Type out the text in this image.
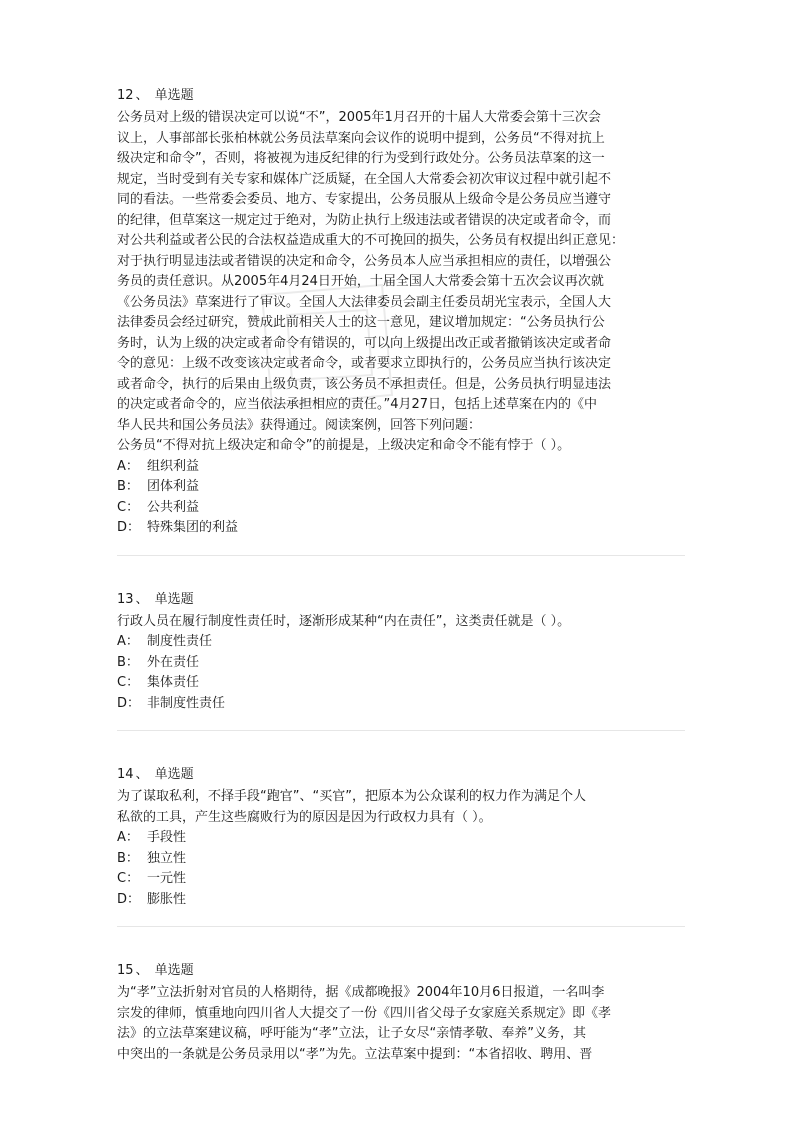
12 、 单选题
公务员对上级的错误决定可以说“不”，2005年1月召开的十届人大常委会第十三次会
议上，人事部部长张柏林就公务员法草案向会议作的说明中提到，公务员“不得对抗上
级决定和命令”，否则，将被视为违反纪律的行为受到行政处分。公务员法草案的这一
规定，当时受到有关专家和媒体广泛质疑，在全国人大常委会初次审议过程中就引起不
同的看法。一些常委会委员、地方、专家提出，公务员服从上级命令是公务员应当遵守
的纪律，但草案这一规定过于绝对，为防止执行上级违法或者错误的决定或者命令，而
对公共利益或者公民的合法权益造成重大的不可挽回的损失，公务员有权提出纠正意见：
对于执行明显违法或者错误的决定和命令，公务员本人应当承担相应的责任，以增强公
务员的责任意识。从2005年4月24日开始，十届全国人大常委会第十五次会议再次就
《公务员法》草案进行了审议。全国人大法律委员会副主任委员胡光宝表示，全国人大
法律委员会经过研究，赞成此前相关人士的这一意见，建议增加规定：“公务员执行公
务时，认为上级的决定或者命令有错误的，可以向上级提出改正或者撤销该决定或者命
令的意见：上级不改变该决定或者命令，或者要求立即执行的，公务员应当执行该决定
或者命令，执行的后果由上级负责，该公务员不承担责任。但是，公务员执行明显违法
的决定或者命令的，应当依法承担相应的责任。”4月27日，包括上述草案在内的《中
华人民共和国公务员法》获得通过。阅读案例，回答下列问题：
公务员“不得对抗上级决定和命令”的前提是，上级决定和命令不能有悖于（ ）。
A： 组织利益
B： 团体利益
C： 公共利益
D： 特殊集团的利益
13 、 单选题
行政人员在履行制度性责任时，逐渐形成某种“内在责任”，这类责任就是（ ）。
A： 制度性责任
B： 外在责任
C： 集体责任
D： 非制度性责任
14 、 单选题
为了谋取私利，不择手段“跑官”、“买官”，把原本为公众谋利的权力作为满足个人
私欲的工具，产生这些腐败行为的原因是因为行政权力具有（ ）。
A： 手段性
B： 独立性
C： 一元性
D： 膨胀性
15 、 单选题
为“孝”立法折射对官员的人格期待，据《成都晚报》2004年10月6日报道，一名叫李
宗发的律师，慎重地向四川省人大提交了一份《四川省父母子女家庭关系规定》即《孝
法》的立法草案建议稿，呼吁能为“孝”立法，让子女尽“亲情孝敬、奉养”义务，其
中突出的一条就是公务员录用以“孝”为先。立法草案中提到：“本省招收、聘用、晋
